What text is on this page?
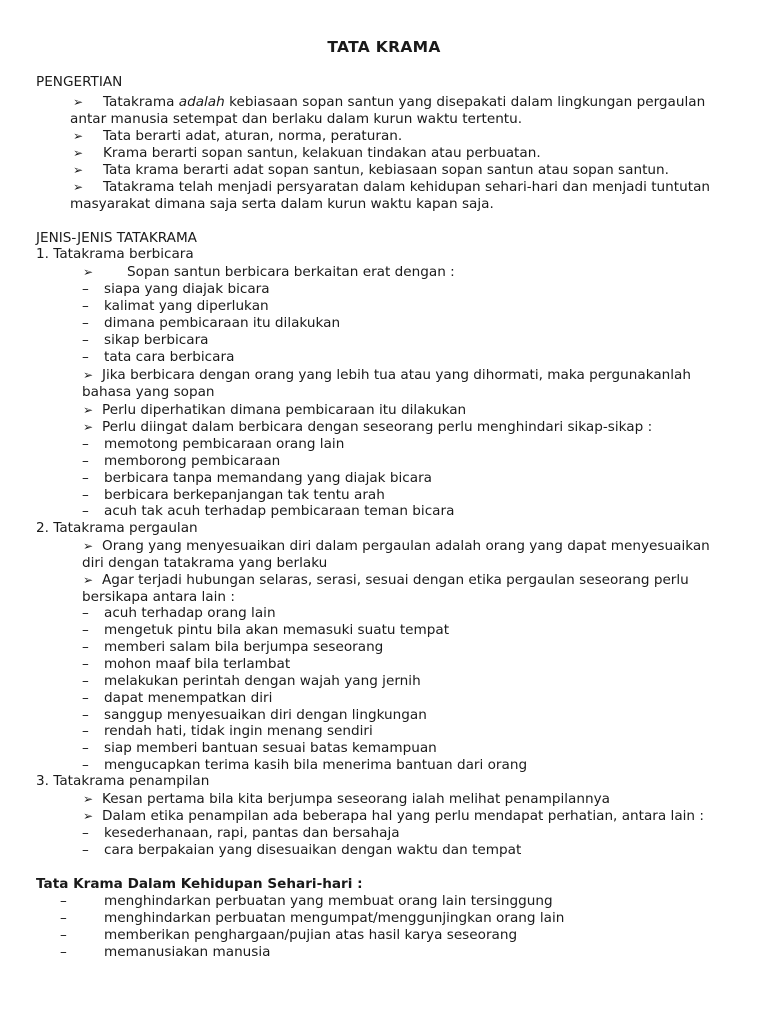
TATA KRAMA
PENGERTIAN
➢ Tatakrama adalah kebiasaan sopan santun yang disepakati dalam lingkungan pergaulan
antar manusia setempat dan berlaku dalam kurun waktu tertentu.
➢ Tata berarti adat, aturan, norma, peraturan.
➢ Krama berarti sopan santun, kelakuan tindakan atau perbuatan.
➢ Tata krama berarti adat sopan santun, kebiasaan sopan santun atau sopan santun.
➢ Tatakrama telah menjadi persyaratan dalam kehidupan sehari-hari dan menjadi tuntutan
masyarakat dimana saja serta dalam kurun waktu kapan saja.
JENIS-JENIS TATAKRAMA
1. Tatakrama berbicara
➢ Sopan santun berbicara berkaitan erat dengan :
– siapa yang diajak bicara
– kalimat yang diperlukan
– dimana pembicaraan itu dilakukan
– sikap berbicara
– tata cara berbicara
➢ Jika berbicara dengan orang yang lebih tua atau yang dihormati, maka pergunakanlah
bahasa yang sopan
➢ Perlu diperhatikan dimana pembicaraan itu dilakukan
➢ Perlu diingat dalam berbicara dengan seseorang perlu menghindari sikap-sikap :
– memotong pembicaraan orang lain
– memborong pembicaraan
– berbicara tanpa memandang yang diajak bicara
– berbicara berkepanjangan tak tentu arah
– acuh tak acuh terhadap pembicaraan teman bicara
2. Tatakrama pergaulan
➢ Orang yang menyesuaikan diri dalam pergaulan adalah orang yang dapat menyesuaikan
diri dengan tatakrama yang berlaku
➢ Agar terjadi hubungan selaras, serasi, sesuai dengan etika pergaulan seseorang perlu
bersikapa antara lain :
– acuh terhadap orang lain
– mengetuk pintu bila akan memasuki suatu tempat
– memberi salam bila berjumpa seseorang
– mohon maaf bila terlambat
– melakukan perintah dengan wajah yang jernih
– dapat menempatkan diri
– sanggup menyesuaikan diri dengan lingkungan
– rendah hati, tidak ingin menang sendiri
– siap memberi bantuan sesuai batas kemampuan
– mengucapkan terima kasih bila menerima bantuan dari orang
3. Tatakrama penampilan
➢ Kesan pertama bila kita berjumpa seseorang ialah melihat penampilannya
➢ Dalam etika penampilan ada beberapa hal yang perlu mendapat perhatian, antara lain :
– kesederhanaan, rapi, pantas dan bersahaja
– cara berpakaian yang disesuaikan dengan waktu dan tempat
Tata Krama Dalam Kehidupan Sehari-hari :
–	menghindarkan perbuatan yang membuat orang lain tersinggung
–	menghindarkan perbuatan mengumpat/menggunjingkan orang lain
–	memberikan penghargaan/pujian atas hasil karya seseorang
–	memanusiakan manusia
